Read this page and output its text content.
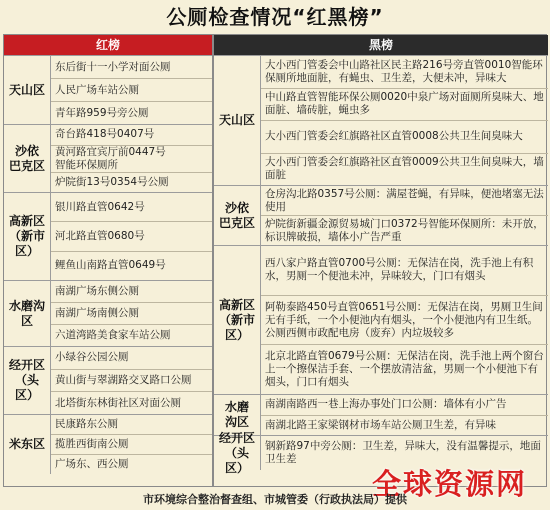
公厕检查情况“红黑榜”
红榜
天山区
东后街十一小学对面公厕
人民广场车站公厕
青年路959号旁公厕
沙依
巴克区
奇台路418号0407号
黄河路宜宾厅前0447号
智能环保厕所
炉院街13号0354号公厕
高新区
（新市区）
银川路直管0642号
河北路直管0680号
鲤鱼山南路直管0649号
水磨沟区
南湖广场东侧公厕
南湖广场南侧公厕
六道湾路美食家车站公厕
经开区
（头区）
小绿谷公园公厕
黄山街与翠湖路交叉路口公厕
北塔街东林街社区对面公厕
米东区
民康路东公厕
揽胜西街南公厕
广场东、西公厕
黑榜
天山区
大小西门管委会中山路社区民主路216号旁直管0010智能环保厕所地面脏，有蝇虫、卫生差，大便未冲，异味大
中山路直管智能环保公厕0020中泉广场对面厕所臭味大、地面脏、墙砖脏，蝇虫多
大小西门管委会红旗路社区直管0008公共卫生间臭味大
大小西门管委会红旗路社区直管0009公共卫生间臭味大，墙面脏
沙依
巴克区
仓房沟北路0357号公厕：满屋苍蝇，有异味，便池堵塞无法使用
炉院街新疆金源贸易城门口0372号智能环保厕所：未开放，标识牌破损，墙体小广告严重
高新区
（新市区）
西八家户路直管0700号公厕：无保洁在岗，洗手池上有积水，男厕一个便池未冲，异味较大，门口有烟头
阿勒泰路450号直管0651号公厕：无保洁在岗，男厕卫生间无有手纸，一个小便池内有烟头，一个小便池内有卫生纸。公厕西侧市政配电房（废弃）内垃圾较多
北京北路直管0679号公厕：无保洁在岗，洗手池上两个窗台上一个擦保洁手套、一个摆放清洁盆，男厕一个小便池下有烟头，门口有烟头
水磨
沟区
南湖南路西一巷上海办事处门口公厕：墙体有小广告
南湖北路王家梁钢材市场车站公厕卫生差，有异味
经开区
（头区）
钢新路97中旁公厕：卫生差，异味大，没有温馨提示，地面卫生差
全球资源网
市环境综合整治督查组、市城管委（行政执法局）提供
